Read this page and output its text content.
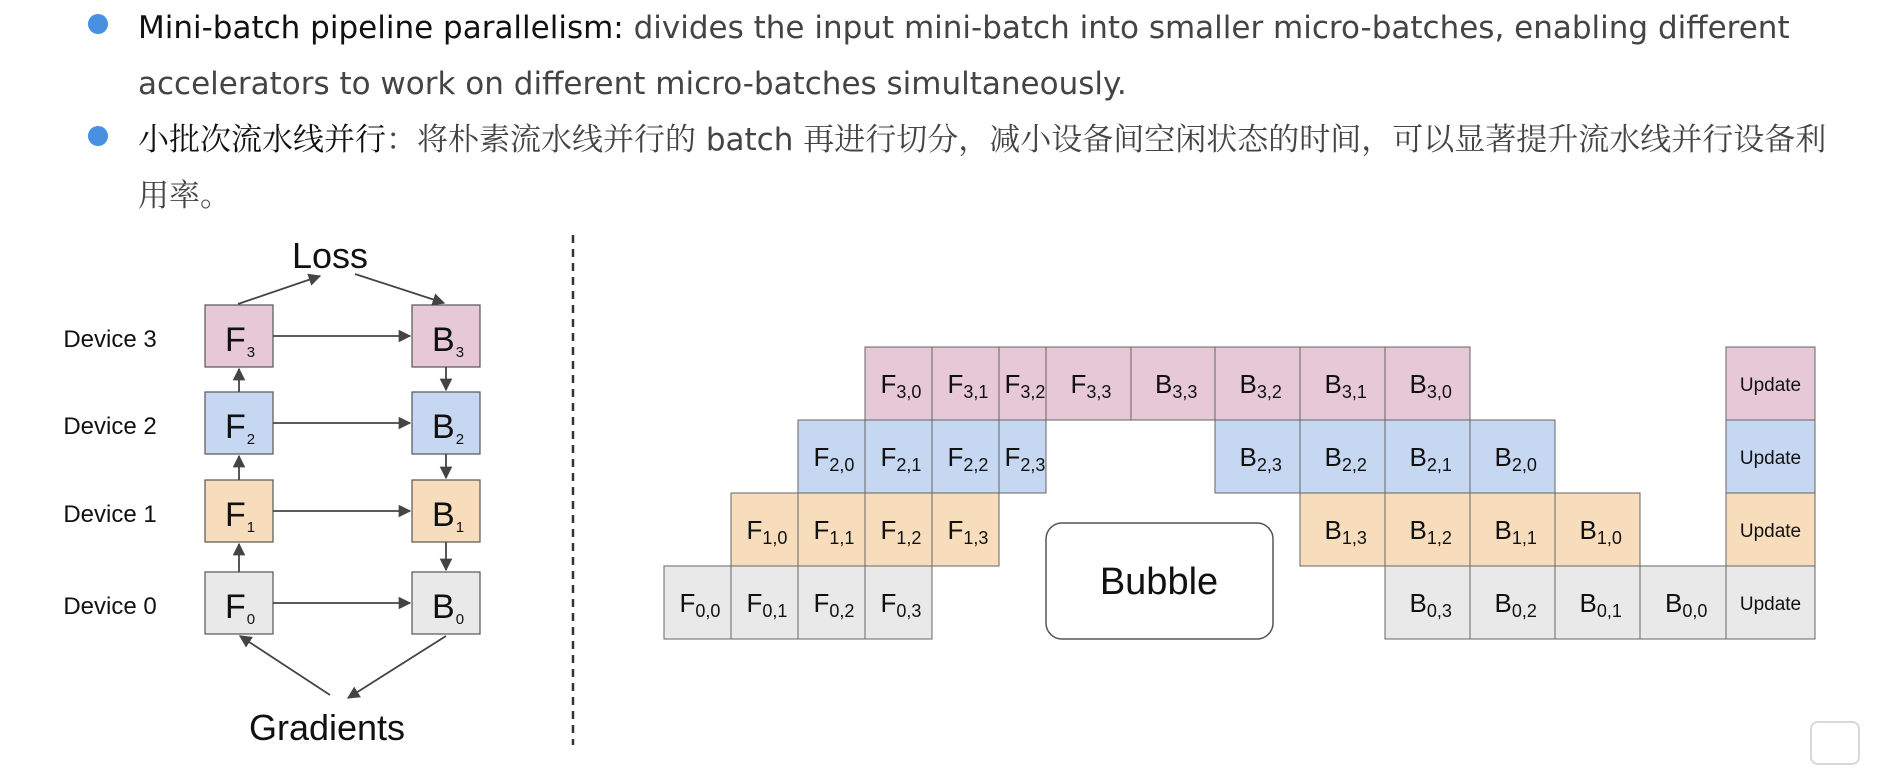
Mini-batch pipeline parallelism: divides the input mini-batch into smaller micro-batches, enabling different accelerators to work on different micro-batches simultaneously.
小批次流水线并行：将朴素流水线并行的 batch 再进行切分，减小设备间空闲状态的时间，可以显著提升流水线并行设备利用率。
Loss
Gradients
Device 3 F3	B3
Device 2 F2	B2
Device 1 F1	B1
Device 0 F0	B0
F3,0 F3,1 F3,2 F3,3 B3,3 B3,2 B3,1 B3,0	Update
F2,0 F2,1 F2,2 F2,3	B2,3 B2,2 B2,1 B2,0	Update
F1,0 F1,1 F1,2 F1,3	B1,3 B1,2 B1,1 B1,0	Update
F0,0 F0,1 F0,2 F0,3	B0,3 B0,2 B0,1 B0,0 Update
Bubble
